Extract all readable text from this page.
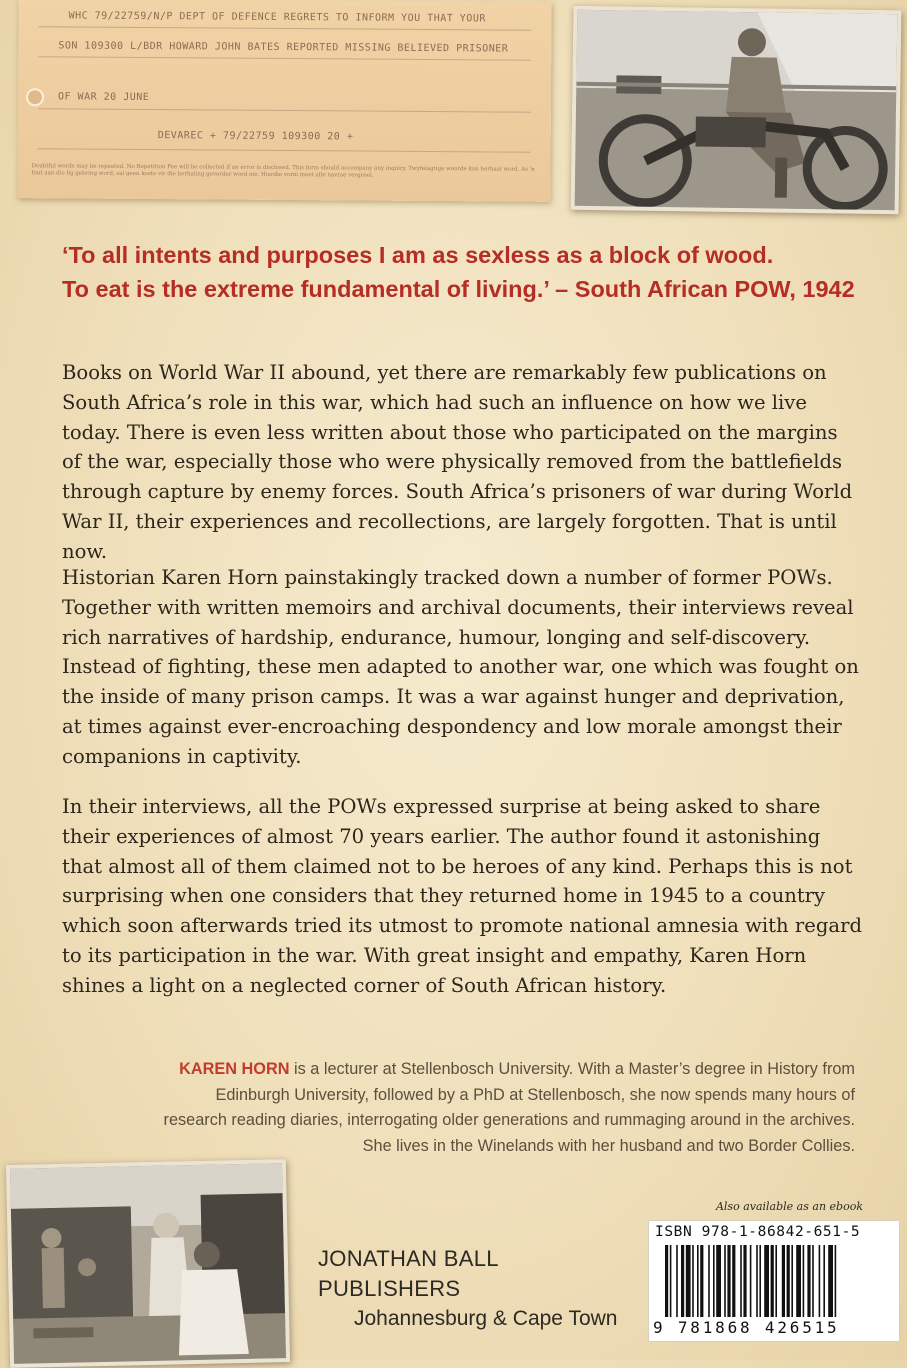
WHC 79/22759/N/P DEPT OF DEFENCE REGRETS TO INFORM YOU THAT YOUR
SON 109300 L/BDR HOWARD JOHN BATES REPORTED MISSING BELIEVED PRISONER
OF WAR 20 JUNE
DEVAREC + 79/22759 109300 20 +
Doubtful words may be repeated. No Repetition Fee will be collected if an error is disclosed. This form should accompany any inquiry. Twyfelagtige woorde kan herhaal word. As 'n fout aan die lig gebring word, sal geen koste vir die herhaling gevorder word nie. Hierdie vorm moet alle navrae vergesel.
‘To all intents and purposes I am as sexless as a block of wood.
To eat is the extreme fundamental of living.’ – South African POW, 1942

Books on World War II abound, yet there are remarkably few publications on South Africa’s role in this war, which had such an influence on how we live today. There is even less written about those who participated on the margins of the war, especially those who were physically removed from the battlefields through capture by enemy forces. South Africa’s prisoners of war during World War II, their experiences and recollections, are largely forgotten. That is until now.

Historian Karen Horn painstakingly tracked down a number of former POWs. Together with written memoirs and archival documents, their interviews reveal rich narratives of hardship, endurance, humour, longing and self-discovery. Instead of fighting, these men adapted to another war, one which was fought on the inside of many prison camps. It was a war against hunger and deprivation, at times against ever-encroaching despondency and low morale amongst their companions in captivity.

In their interviews, all the POWs expressed surprise at being asked to share their experiences of almost 70 years earlier. The author found it astonishing that almost all of them claimed not to be heroes of any kind. Perhaps this is not surprising when one considers that they returned home in 1945 to a country which soon afterwards tried its utmost to promote national amnesia with regard to its participation in the war. With great insight and empathy, Karen Horn shines a light on a neglected corner of South African history.

KAREN HORN is a lecturer at Stellenbosch University. With a Master’s degree in History from Edinburgh University, followed by a PhD at Stellenbosch, she now spends many hours of research reading diaries, interrogating older generations and rummaging around in the archives. She lives in the Winelands with her husband and two Border Collies.
JONATHAN BALL PUBLISHERS
Johannesburg & Cape Town
Also available as an ebook
ISBN 978-1-86842-651-5
9 781868 426515
